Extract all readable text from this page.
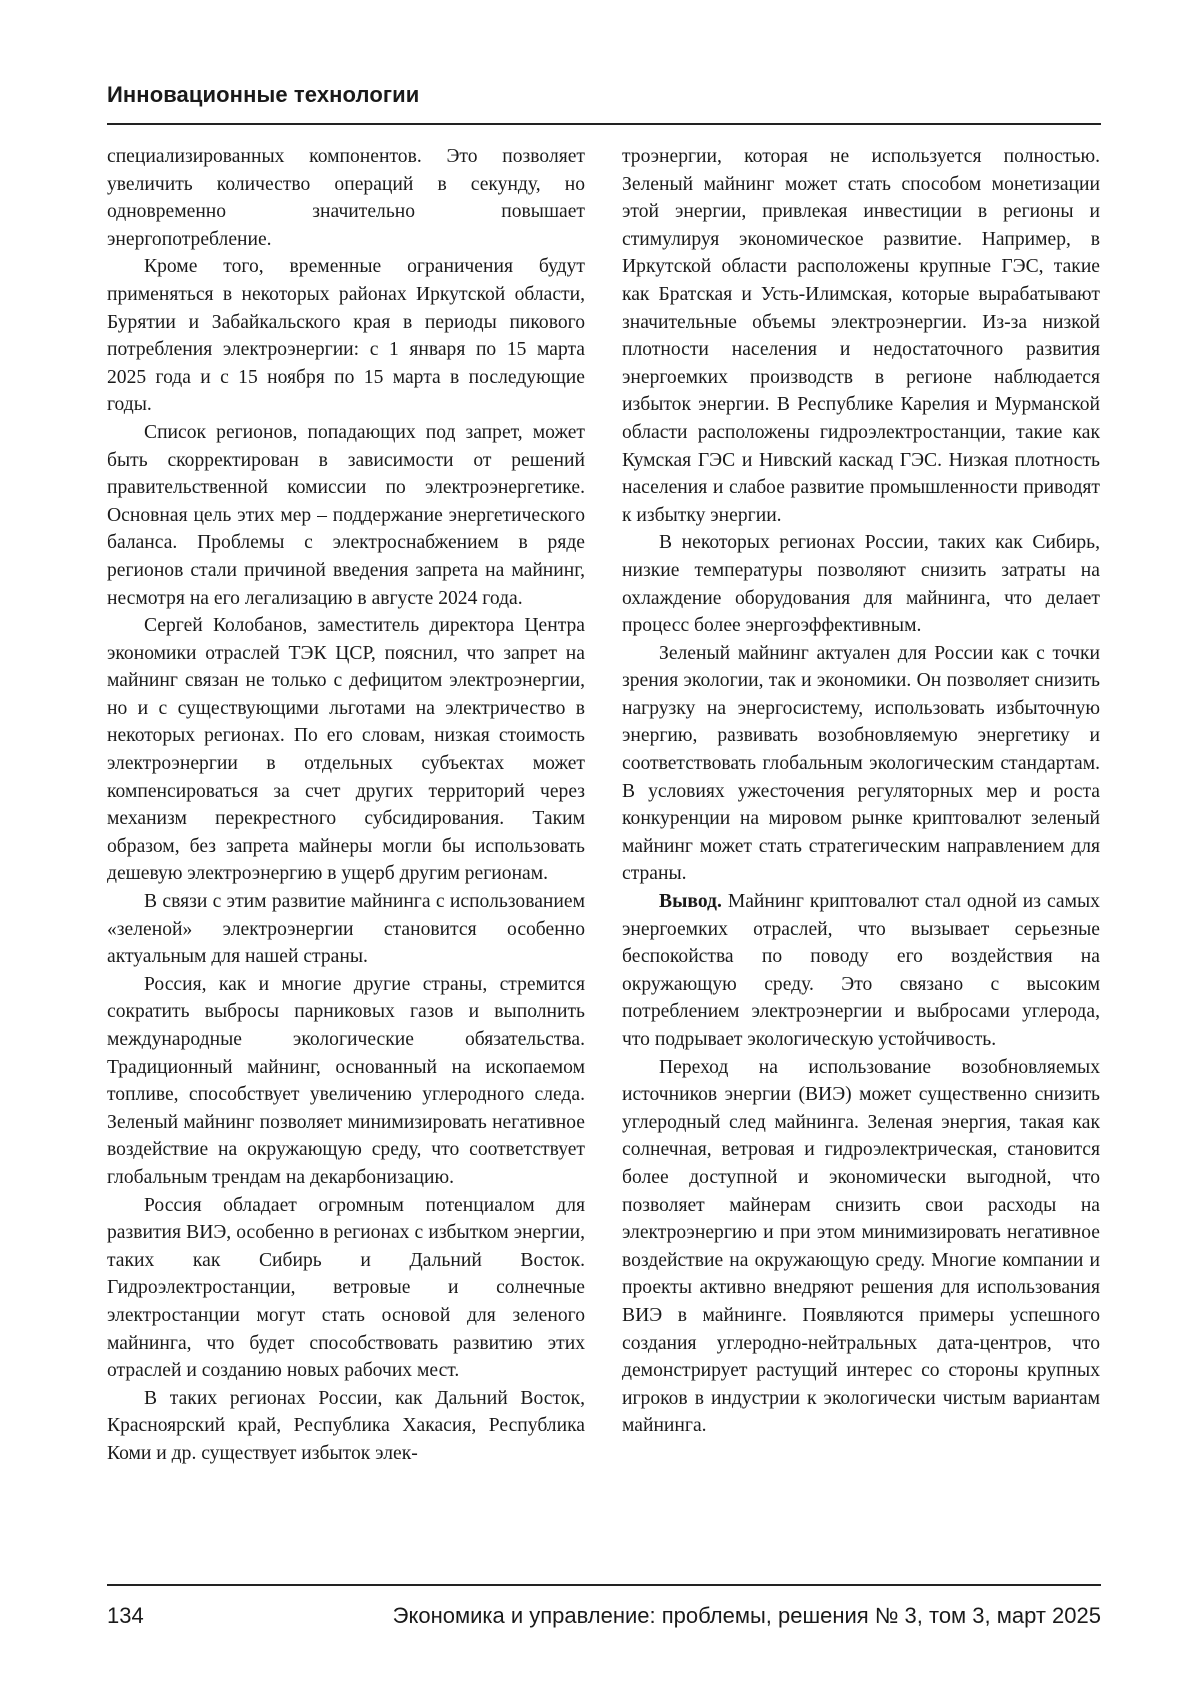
Инновационные технологии

специализированных компонентов. Это позволяет увеличить количество операций в секунду, но одновременно значительно повышает энергопотребление.

Кроме того, временные ограничения будут применяться в некоторых районах Иркутской области, Бурятии и Забайкальского края в периоды пикового потребления электроэнергии: с 1 января по 15 марта 2025 года и с 15 ноября по 15 марта в последующие годы.

Список регионов, попадающих под запрет, может быть скорректирован в зависимости от решений правительственной комиссии по электроэнергетике. Основная цель этих мер – поддержание энергетического баланса. Проблемы с электроснабжением в ряде регионов стали причиной введения запрета на майнинг, несмотря на его легализацию в августе 2024 года.

Сергей Колобанов, заместитель директора Центра экономики отраслей ТЭК ЦСР, пояснил, что запрет на майнинг связан не только с дефицитом электроэнергии, но и с существующими льготами на электричество в некоторых регионах. По его словам, низкая стоимость электроэнергии в отдельных субъектах может компенсироваться за счет других территорий через механизм перекрестного субсидирования. Таким образом, без запрета майнеры могли бы использовать дешевую электроэнергию в ущерб другим регионам.

В связи с этим развитие майнинга с использованием «зеленой» электроэнергии становится особенно актуальным для нашей страны.

Россия, как и многие другие страны, стремится сократить выбросы парниковых газов и выполнить международные экологические обязательства. Традиционный майнинг, основанный на ископаемом топливе, способствует увеличению углеродного следа. Зеленый майнинг позволяет минимизировать негативное воздействие на окружающую среду, что соответствует глобальным трендам на декарбонизацию.

Россия обладает огромным потенциалом для развития ВИЭ, особенно в регионах с избытком энергии, таких как Сибирь и Дальний Восток. Гидроэлектростанции, ветровые и солнечные электростанции могут стать основой для зеленого майнинга, что будет способствовать развитию этих отраслей и созданию новых рабочих мест.

В таких регионах России, как Дальний Восток, Красноярский край, Республика Хакасия, Республика Коми и др. существует избыток элек-

троэнергии, которая не используется полностью. Зеленый майнинг может стать способом монетизации этой энергии, привлекая инвестиции в регионы и стимулируя экономическое развитие. Например, в Иркутской области расположены крупные ГЭС, такие как Братская и Усть-Илимская, которые вырабатывают значительные объемы электроэнергии. Из-за низкой плотности населения и недостаточного развития энергоемких производств в регионе наблюдается избыток энергии. В Республике Карелия и Мурманской области расположены гидроэлектростанции, такие как Кумская ГЭС и Нивский каскад ГЭС. Низкая плотность населения и слабое развитие промышленности приводят к избытку энергии.

В некоторых регионах России, таких как Сибирь, низкие температуры позволяют снизить затраты на охлаждение оборудования для майнинга, что делает процесс более энергоэффективным.

Зеленый майнинг актуален для России как с точки зрения экологии, так и экономики. Он позволяет снизить нагрузку на энергосистему, использовать избыточную энергию, развивать возобновляемую энергетику и соответствовать глобальным экологическим стандартам. В условиях ужесточения регуляторных мер и роста конкуренции на мировом рынке криптовалют зеленый майнинг может стать стратегическим направлением для страны.

Вывод. Майнинг криптовалют стал одной из самых энергоемких отраслей, что вызывает серьезные беспокойства по поводу его воздействия на окружающую среду. Это связано с высоким потреблением электроэнергии и выбросами углерода, что подрывает экологическую устойчивость.

Переход на использование возобновляемых источников энергии (ВИЭ) может существенно снизить углеродный след майнинга. Зеленая энергия, такая как солнечная, ветровая и гидроэлектрическая, становится более доступной и экономически выгодной, что позволяет майнерам снизить свои расходы на электроэнергию и при этом минимизировать негативное воздействие на окружающую среду. Многие компании и проекты активно внедряют решения для использования ВИЭ в майнинге. Появляются примеры успешного создания углеродно-нейтральных дата-центров, что демонстрирует растущий интерес со стороны крупных игроков в индустрии к экологически чистым вариантам майнинга.

134	Экономика и управление: проблемы, решения № 3, том 3, март 2025
